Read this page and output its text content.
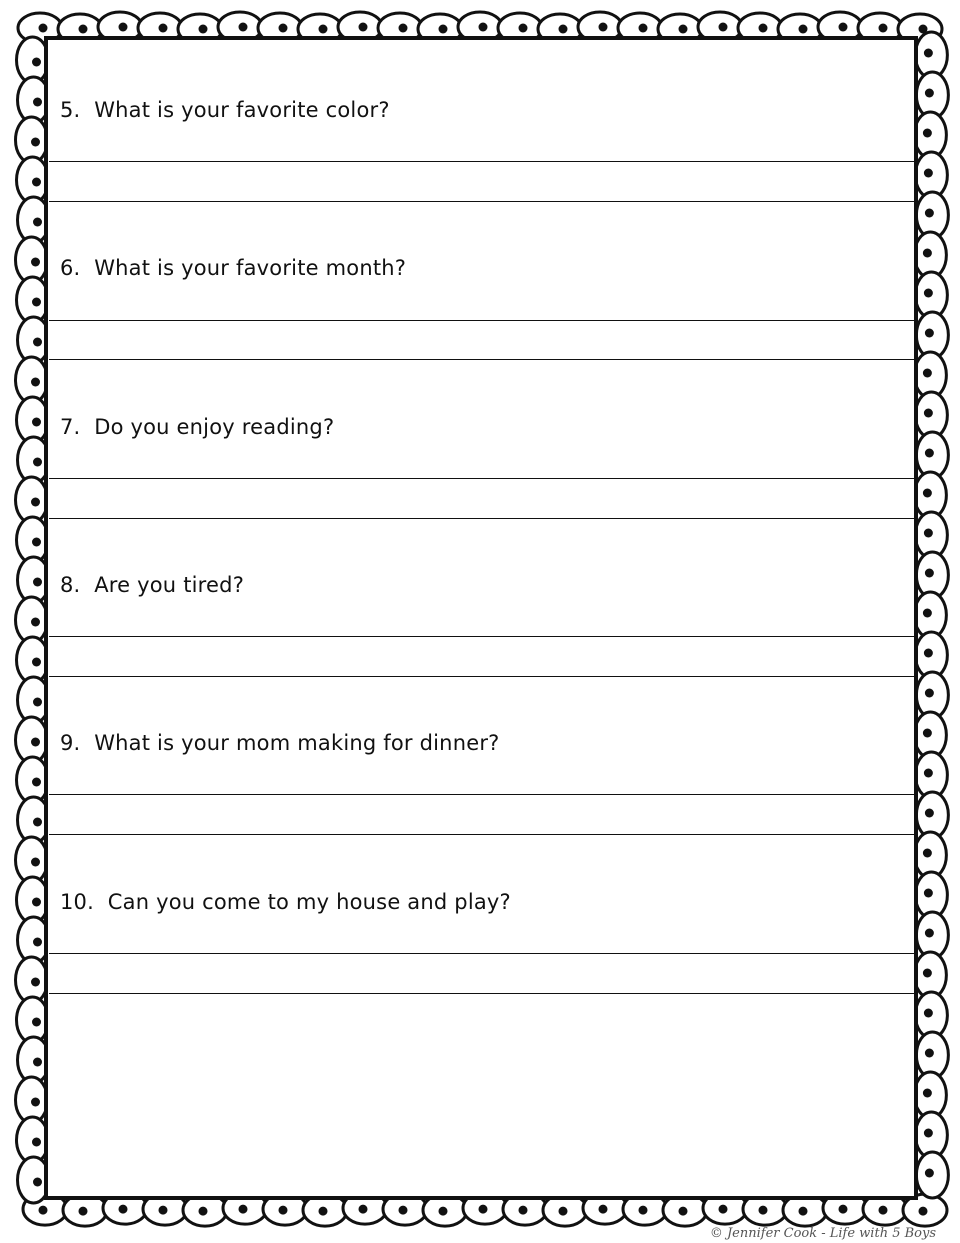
5. What is your favorite color?
6. What is your favorite month?
7. Do you enjoy reading?
8. Are you tired?
9. What is your mom making for dinner?
10. Can you come to my house and play?
© Jennifer Cook - Life with 5 Boys
